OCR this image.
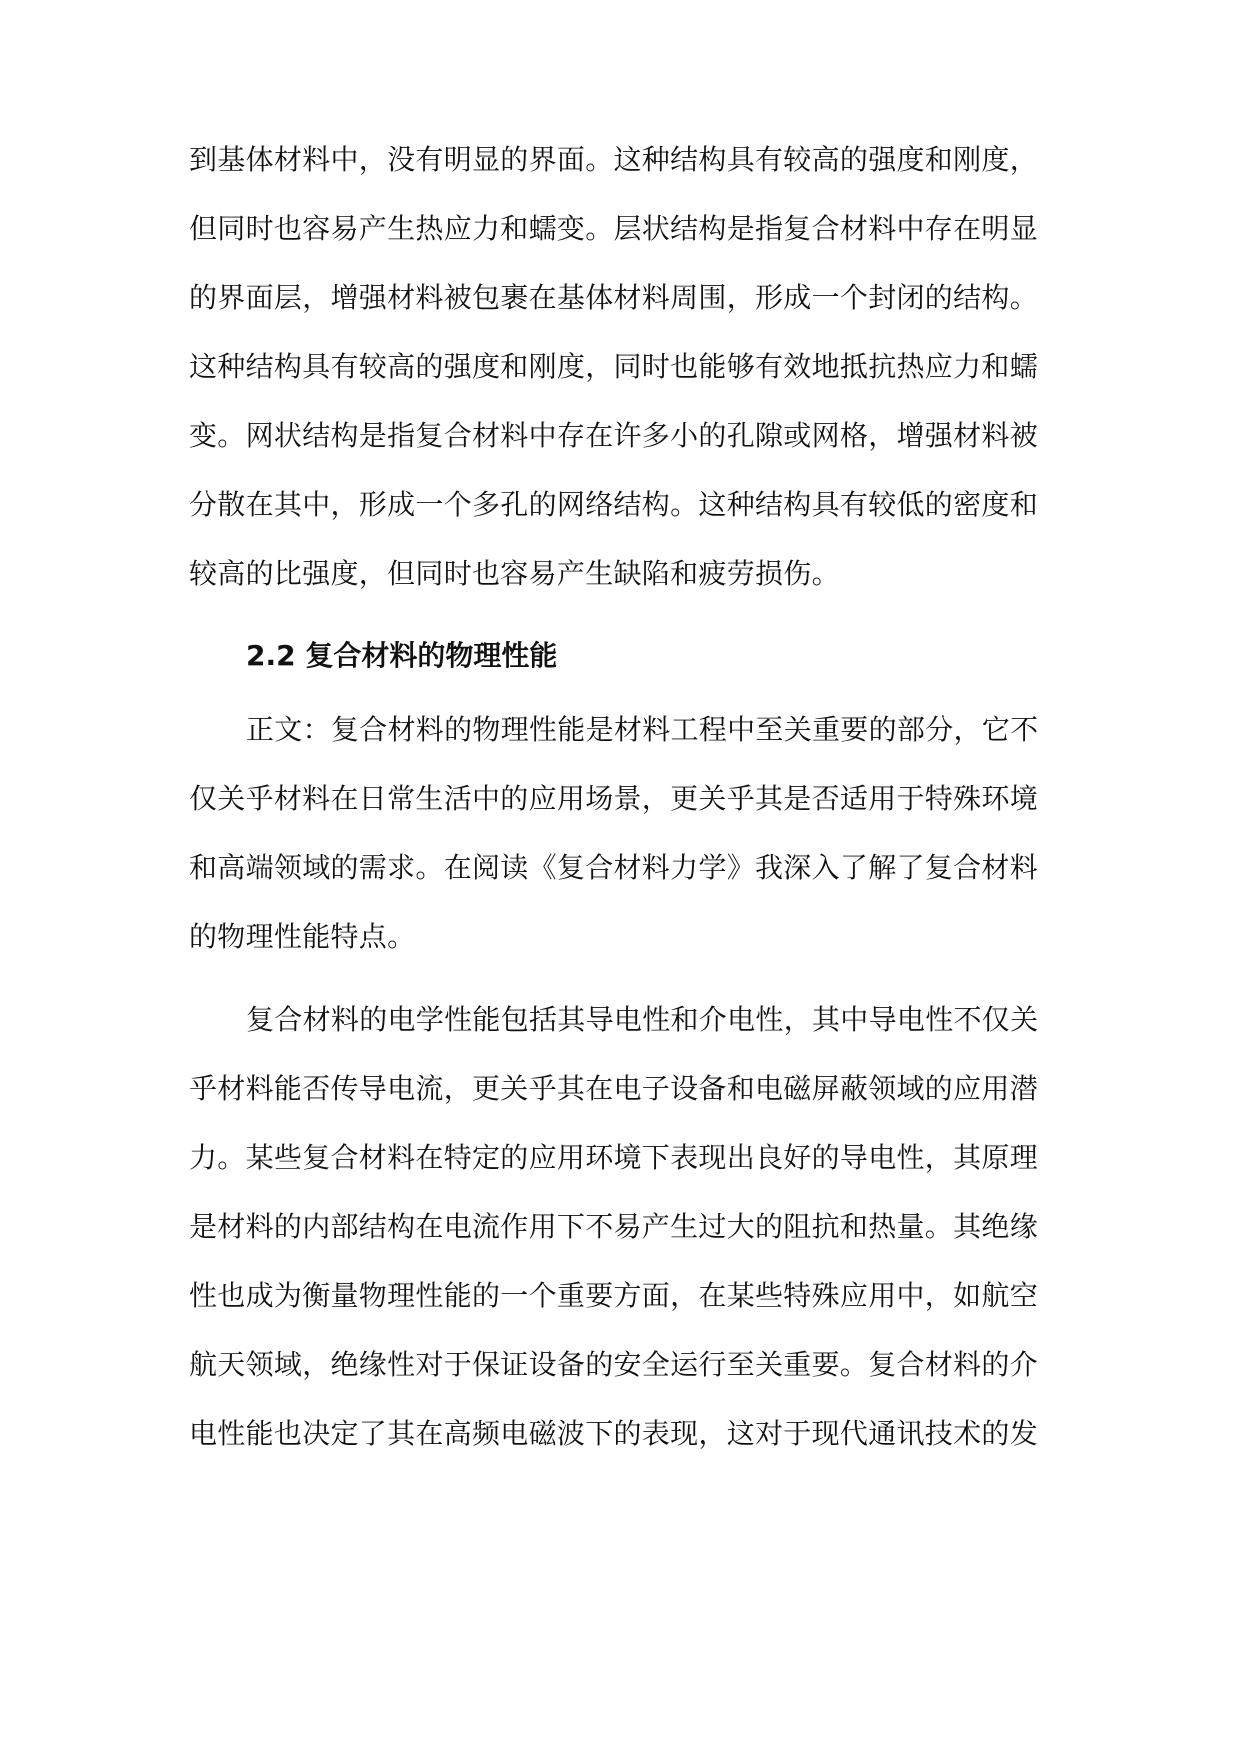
到基体材料中，没有明显的界面。这种结构具有较高的强度和刚度，
但同时也容易产生热应力和蠕变。层状结构是指复合材料中存在明显
的界面层，增强材料被包裹在基体材料周围，形成一个封闭的结构。
这种结构具有较高的强度和刚度，同时也能够有效地抵抗热应力和蠕
变。网状结构是指复合材料中存在许多小的孔隙或网格，增强材料被
分散在其中，形成一个多孔的网络结构。这种结构具有较低的密度和
较高的比强度，但同时也容易产生缺陷和疲劳损伤。
2.2 复合材料的物理性能
正文：复合材料的物理性能是材料工程中至关重要的部分，它不
仅关乎材料在日常生活中的应用场景，更关乎其是否适用于特殊环境
和高端领域的需求。在阅读《复合材料力学》我深入了解了复合材料
的物理性能特点。
复合材料的电学性能包括其导电性和介电性，其中导电性不仅关
乎材料能否传导电流，更关乎其在电子设备和电磁屏蔽领域的应用潜
力。某些复合材料在特定的应用环境下表现出良好的导电性，其原理
是材料的内部结构在电流作用下不易产生过大的阻抗和热量。其绝缘
性也成为衡量物理性能的一个重要方面，在某些特殊应用中，如航空
航天领域，绝缘性对于保证设备的安全运行至关重要。复合材料的介
电性能也决定了其在高频电磁波下的表现，这对于现代通讯技术的发
